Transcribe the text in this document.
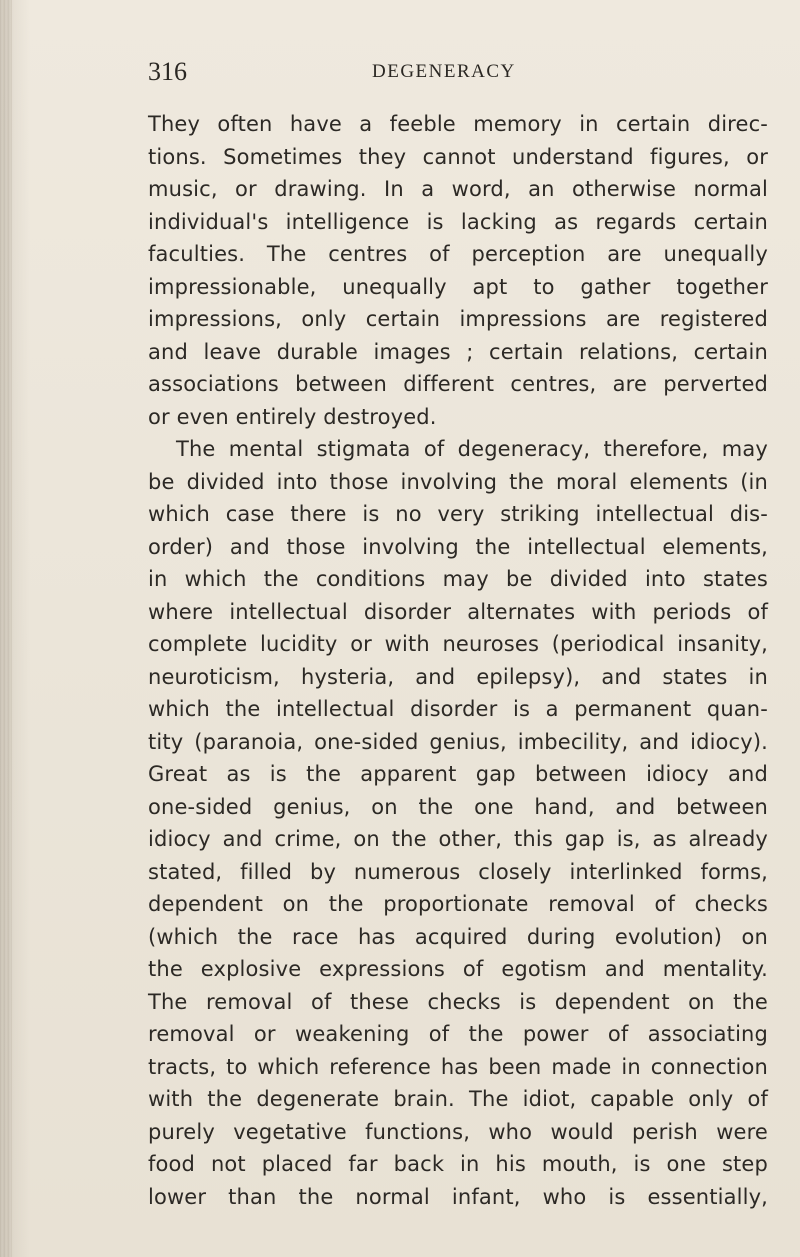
316	DEGENERACY
They often have a feeble memory in certain direc-
tions. Sometimes they cannot understand figures, or
music, or drawing. In a word, an otherwise normal
individual's intelligence is lacking as regards certain
faculties. The centres of perception are unequally
impressionable, unequally apt to gather together
impressions, only certain impressions are registered
and leave durable images ; certain relations, certain
associations between different centres, are perverted
or even entirely destroyed.
The mental stigmata of degeneracy, therefore, may
be divided into those involving the moral elements (in
which case there is no very striking intellectual dis-
order) and those involving the intellectual elements,
in which the conditions may be divided into states
where intellectual disorder alternates with periods of
complete lucidity or with neuroses (periodical insanity,
neuroticism, hysteria, and epilepsy), and states in
which the intellectual disorder is a permanent quan-
tity (paranoia, one-sided genius, imbecility, and idiocy).
Great as is the apparent gap between idiocy and
one-sided genius, on the one hand, and between
idiocy and crime, on the other, this gap is, as already
stated, filled by numerous closely interlinked forms,
dependent on the proportionate removal of checks
(which the race has acquired during evolution) on
the explosive expressions of egotism and mentality.
The removal of these checks is dependent on the
removal or weakening of the power of associating
tracts, to which reference has been made in connection
with the degenerate brain. The idiot, capable only of
purely vegetative functions, who would perish were
food not placed far back in his mouth, is one step
lower than the normal infant, who is essentially,
